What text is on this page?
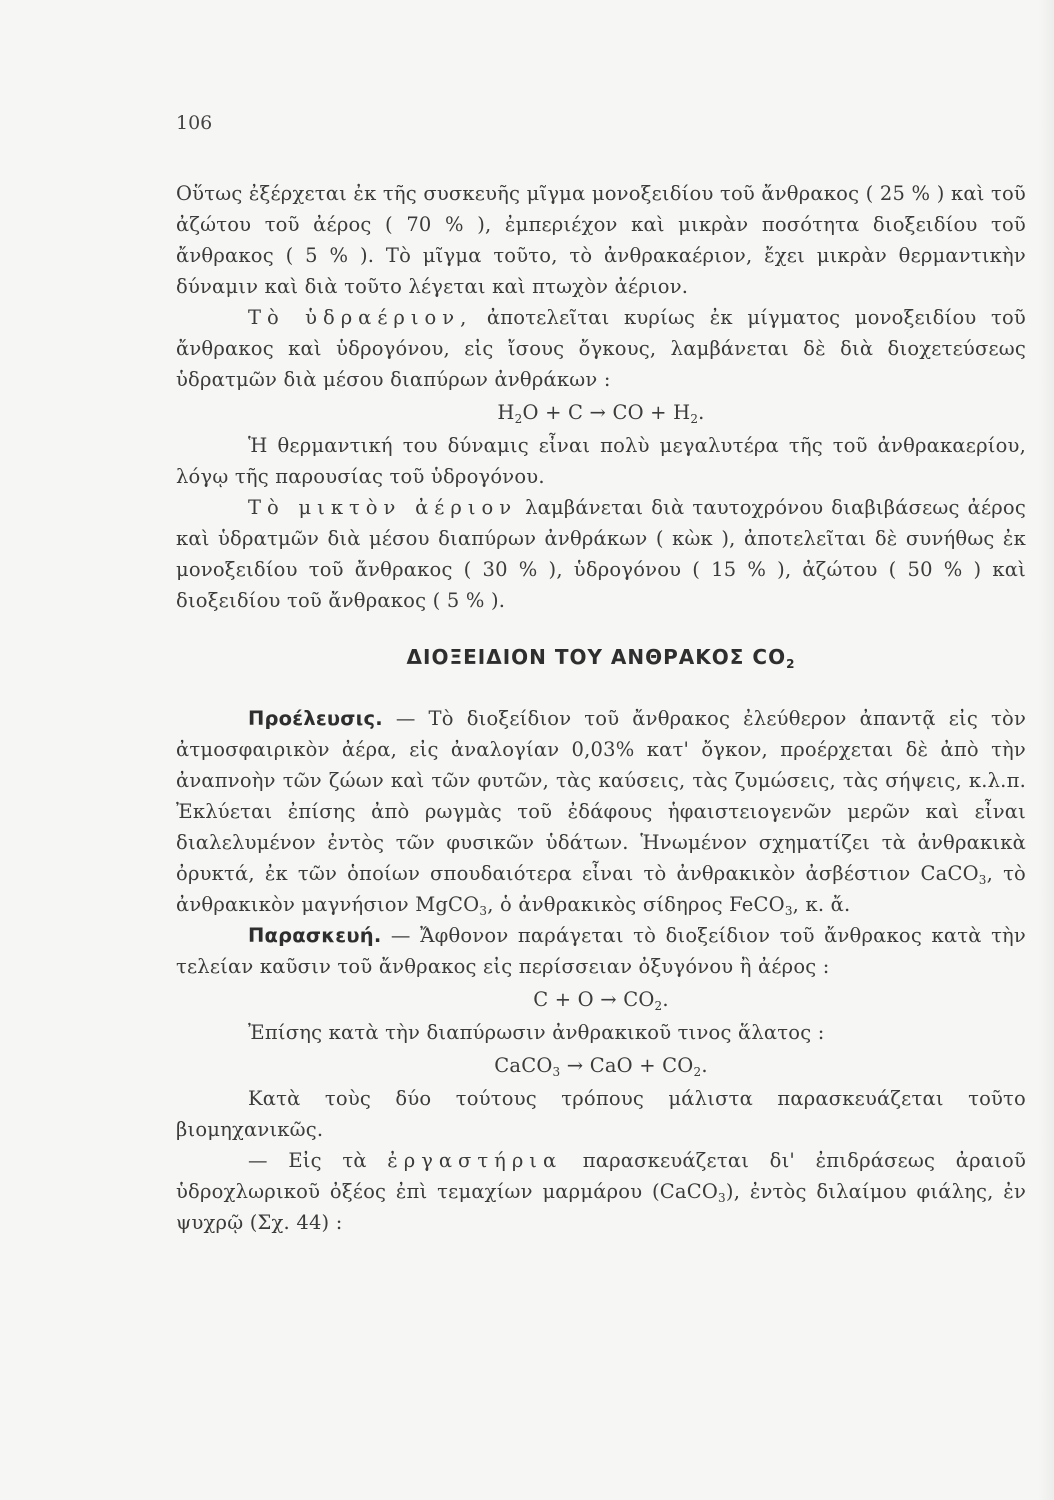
106

Οὕτως ἐξέρχεται ἐκ τῆς συσκευῆς μῖγμα μονοξειδίου τοῦ ἄνθρακος ( 25 % ) καὶ τοῦ ἀζώτου τοῦ ἀέρος ( 70 % ), ἐμπεριέχον καὶ μικρὰν ποσότητα διοξειδίου τοῦ ἄνθρακος ( 5 % ). Τὸ μῖγμα τοῦτο, τὸ ἀνθρακαέριον, ἔχει μικρὰν θερμαντικὴν δύναμιν καὶ διὰ τοῦτο λέγεται καὶ πτωχὸν ἀέριον.

Τὸ ὑδραέριον, ἀποτελεῖται κυρίως ἐκ μίγματος μονοξειδίου τοῦ ἄνθρακος καὶ ὑδρογόνου, εἰς ἴσους ὄγκους, λαμβάνεται δὲ διὰ διοχετεύσεως ὑδρατμῶν διὰ μέσου διαπύρων ἀνθράκων :

$H_2O + C$ → CO + $H_2$.

Ἡ θερμαντική του δύναμις εἶναι πολὺ μεγαλυτέρα τῆς τοῦ ἀνθρακαερίου, λόγῳ τῆς παρουσίας τοῦ ὑδρογόνου.

Τὸ μικτὸν ἀέριον λαμβάνεται διὰ ταυτοχρόνου διαβιβάσεως ἀέρος καὶ ὑδρατμῶν διὰ μέσου διαπύρων ἀνθράκων ( κὼκ ), ἀποτελεῖται δὲ συνήθως ἐκ μονοξειδίου τοῦ ἄνθρακος ( 30 % ), ὑδρογόνου ( 15 % ), ἀζώτου ( 50 % ) καὶ διοξειδίου τοῦ ἄνθρακος ( 5 % ).

ΔΙΟΞΕΙΔΙΟΝ ΤΟΥ ΑΝΘΡΑΚΟΣ $CO_2$

Προέλευσις. — Τὸ διοξείδιον τοῦ ἄνθρακος ἐλεύθερον ἀπαντᾷ εἰς τὸν ἀτμοσφαιρικὸν ἀέρα, εἰς ἀναλογίαν 0,03% κατ' ὄγκον, προέρχεται δὲ ἀπὸ τὴν ἀναπνοὴν τῶν ζώων καὶ τῶν φυτῶν, τὰς καύσεις, τὰς ζυμώσεις, τὰς σήψεις, κ.λ.π. Ἐκλύεται ἐπίσης ἀπὸ ρωγμὰς τοῦ ἐδάφους ἡφαιστειογενῶν μερῶν καὶ εἶναι διαλελυμένον ἐντὸς τῶν φυσικῶν ὑδάτων. Ἡνωμένον σχηματίζει τὰ ἀνθρακικὰ ὀρυκτά, ἐκ τῶν ὁποίων σπουδαιότερα εἶναι τὸ ἀνθρακικὸν ἀσβέστιον CaCO$_3$, τὸ ἀνθρακικὸν μαγνήσιον MgCO$_3$, ὁ ἀνθρακικὸς σίδηρος FeCO$_3$, κ. ἄ.

Παρασκευή. — Ἄφθονον παράγεται τὸ διοξείδιον τοῦ ἄνθρακος κατὰ τὴν τελείαν καῦσιν τοῦ ἄνθρακος εἰς περίσσειαν ὀξυγόνου ἢ ἀέρος :

$C + O \to CO_2$.

Ἐπίσης κατὰ τὴν διαπύρωσιν ἀνθρακικοῦ τινος ἅλατος :

CaCO$_3$ → CaO + $CO_2$.

Κατὰ τοὺς δύο τούτους τρόπους μάλιστα παρασκευάζεται τοῦτο βιομηχανικῶς.

— Εἰς τὰ ἐργαστήρια παρασκευάζεται δι' ἐπιδράσεως ἀραιοῦ ὑδροχλωρικοῦ ὀξέος ἐπὶ τεμαχίων μαρμάρου (CaCO$_3$), ἐντὸς διλαίμου φιάλης, ἐν ψυχρῷ (Σχ. 44) :
